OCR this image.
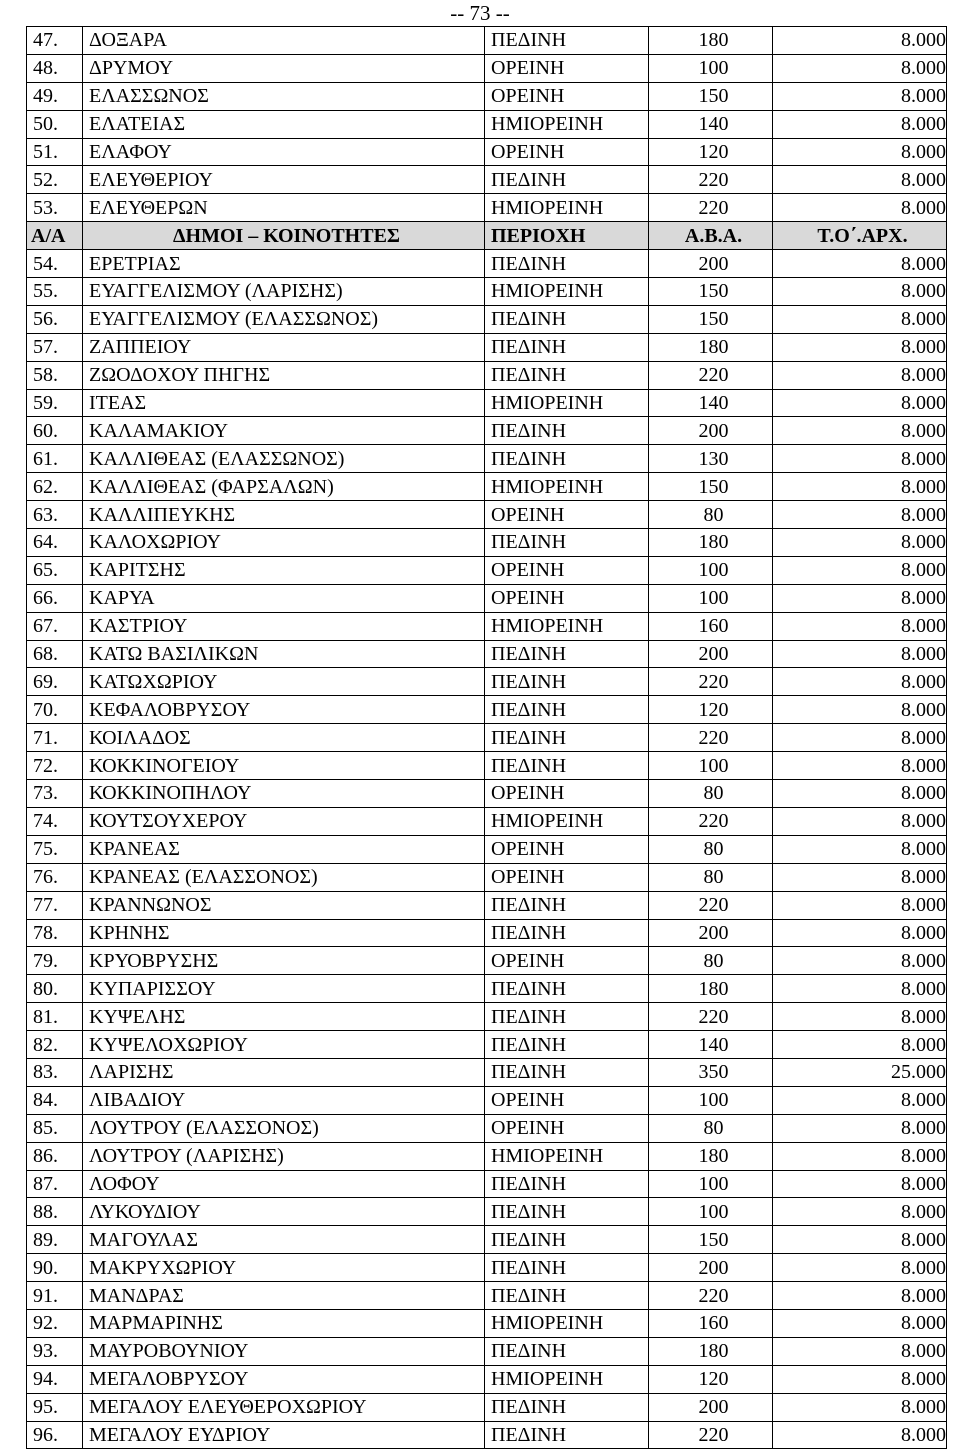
-- 73 --
47.	ΔΟΞΑΡΑ	ΠΕΔΙΝΗ	180	8.000
48.	ΔΡΥΜΟΥ	ΟΡΕΙΝΗ	100	8.000
49.	ΕΛΑΣΣΩΝΟΣ	ΟΡΕΙΝΗ	150	8.000
50.	ΕΛΑΤΕΙΑΣ	ΗΜΙΟΡΕΙΝΗ	140	8.000
51.	ΕΛΑΦΟΥ	ΟΡΕΙΝΗ	120	8.000
52.	ΕΛΕΥΘΕΡΙΟΥ	ΠΕΔΙΝΗ	220	8.000
53.	ΕΛΕΥΘΕΡΩΝ	ΗΜΙΟΡΕΙΝΗ	220	8.000
Α/Α	ΔΗΜΟΙ – ΚΟΙΝΟΤΗΤΕΣ	ΠΕΡΙΟΧΗ	Α.Β.Α.	Τ.Ο΄.ΑΡΧ.
54.	ΕΡΕΤΡΙΑΣ	ΠΕΔΙΝΗ	200	8.000
55.	ΕΥΑΓΓΕΛΙΣΜΟΥ (ΛΑΡΙΣΗΣ)	ΗΜΙΟΡΕΙΝΗ	150	8.000
56.	ΕΥΑΓΓΕΛΙΣΜΟΥ (ΕΛΑΣΣΩΝΟΣ)	ΠΕΔΙΝΗ	150	8.000
57.	ΖΑΠΠΕΙΟΥ	ΠΕΔΙΝΗ	180	8.000
58.	ΖΩΟΔΟΧΟΥ ΠΗΓΗΣ	ΠΕΔΙΝΗ	220	8.000
59.	ΙΤΕΑΣ	ΗΜΙΟΡΕΙΝΗ	140	8.000
60.	ΚΑΛΑΜΑΚΙΟΥ	ΠΕΔΙΝΗ	200	8.000
61.	ΚΑΛΛΙΘΕΑΣ (ΕΛΑΣΣΩΝΟΣ)	ΠΕΔΙΝΗ	130	8.000
62.	ΚΑΛΛΙΘΕΑΣ (ΦΑΡΣΑΛΩΝ)	ΗΜΙΟΡΕΙΝΗ	150	8.000
63.	ΚΑΛΛΙΠΕΥΚΗΣ	ΟΡΕΙΝΗ	80	8.000
64.	ΚΑΛΟΧΩΡΙΟΥ	ΠΕΔΙΝΗ	180	8.000
65.	ΚΑΡΙΤΣΗΣ	ΟΡΕΙΝΗ	100	8.000
66.	ΚΑΡΥΑ	ΟΡΕΙΝΗ	100	8.000
67.	ΚΑΣΤΡΙΟΥ	ΗΜΙΟΡΕΙΝΗ	160	8.000
68.	ΚΑΤΩ ΒΑΣΙΛΙΚΩΝ	ΠΕΔΙΝΗ	200	8.000
69.	ΚΑΤΩΧΩΡΙΟΥ	ΠΕΔΙΝΗ	220	8.000
70.	ΚΕΦΑΛΟΒΡΥΣΟΥ	ΠΕΔΙΝΗ	120	8.000
71.	ΚΟΙΛΑΔΟΣ	ΠΕΔΙΝΗ	220	8.000
72.	ΚΟΚΚΙΝΟΓΕΙΟΥ	ΠΕΔΙΝΗ	100	8.000
73.	ΚΟΚΚΙΝΟΠΗΛΟΥ	ΟΡΕΙΝΗ	80	8.000
74.	ΚΟΥΤΣΟΥΧΕΡΟΥ	ΗΜΙΟΡΕΙΝΗ	220	8.000
75.	ΚΡΑΝΕΑΣ	ΟΡΕΙΝΗ	80	8.000
76.	ΚΡΑΝΕΑΣ (ΕΛΑΣΣΟΝΟΣ)	ΟΡΕΙΝΗ	80	8.000
77.	ΚΡΑΝΝΩΝΟΣ	ΠΕΔΙΝΗ	220	8.000
78.	ΚΡΗΝΗΣ	ΠΕΔΙΝΗ	200	8.000
79.	ΚΡΥΟΒΡΥΣΗΣ	ΟΡΕΙΝΗ	80	8.000
80.	ΚΥΠΑΡΙΣΣΟΥ	ΠΕΔΙΝΗ	180	8.000
81.	ΚΥΨΕΛΗΣ	ΠΕΔΙΝΗ	220	8.000
82.	ΚΥΨΕΛΟΧΩΡΙΟΥ	ΠΕΔΙΝΗ	140	8.000
83.	ΛΑΡΙΣΗΣ	ΠΕΔΙΝΗ	350	25.000
84.	ΛΙΒΑΔΙΟΥ	ΟΡΕΙΝΗ	100	8.000
85.	ΛΟΥΤΡΟΥ (ΕΛΑΣΣΟΝΟΣ)	ΟΡΕΙΝΗ	80	8.000
86.	ΛΟΥΤΡΟΥ (ΛΑΡΙΣΗΣ)	ΗΜΙΟΡΕΙΝΗ	180	8.000
87.	ΛΟΦΟΥ	ΠΕΔΙΝΗ	100	8.000
88.	ΛΥΚΟΥΔΙΟΥ	ΠΕΔΙΝΗ	100	8.000
89.	ΜΑΓΟΥΛΑΣ	ΠΕΔΙΝΗ	150	8.000
90.	ΜΑΚΡΥΧΩΡΙΟΥ	ΠΕΔΙΝΗ	200	8.000
91.	ΜΑΝΔΡΑΣ	ΠΕΔΙΝΗ	220	8.000
92.	ΜΑΡΜΑΡΙΝΗΣ	ΗΜΙΟΡΕΙΝΗ	160	8.000
93.	ΜΑΥΡΟΒΟΥΝΙΟΥ	ΠΕΔΙΝΗ	180	8.000
94.	ΜΕΓΑΛΟΒΡΥΣΟΥ	ΗΜΙΟΡΕΙΝΗ	120	8.000
95.	ΜΕΓΑΛΟΥ ΕΛΕΥΘΕΡΟΧΩΡΙΟΥ	ΠΕΔΙΝΗ	200	8.000
96.	ΜΕΓΑΛΟΥ ΕΥΔΡΙΟΥ	ΠΕΔΙΝΗ	220	8.000
